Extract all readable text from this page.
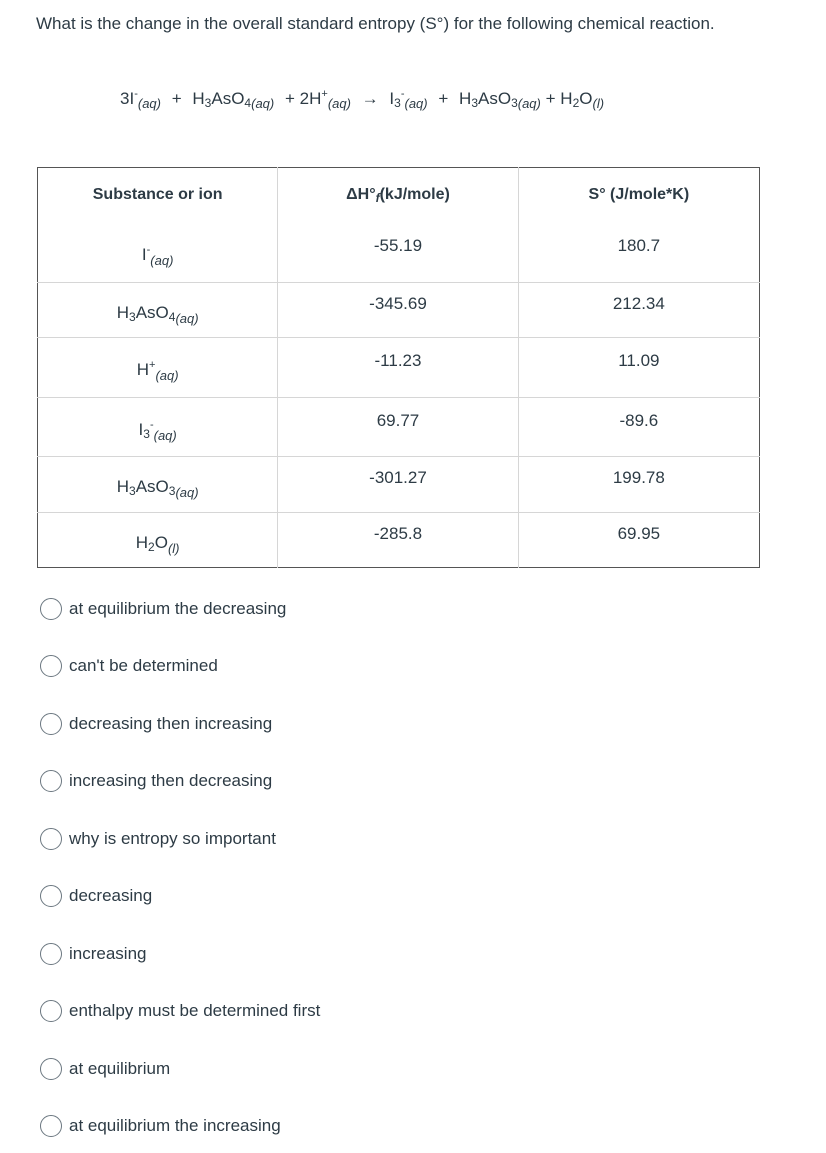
What is the change in the overall standard entropy (S°) for the following chemical reaction.
$3I^-_{(aq)} + H_3AsO_{4(aq)} + 2H^+_{(aq)} \to I_3^-_{(aq)} + H_3AsO_{3(aq)} + H_2O_{(l)}$
Substance or ion	$\Delta H^\circ_f(kJ/mole)$	S° (J/mole*K)
$I^-_{(aq)}$	-55.19	180.7
$H_3AsO_{4(aq)}$	-345.69	212.34
$H^+_{(aq)}$	-11.23	11.09
$I_3^-_{(aq)}$	69.77	-89.6
$H_3AsO_{3(aq)}$	-301.27	199.78
$H_2O_{(l)}$	-285.8	69.95
at equilibrium the decreasing
can't be determined
decreasing then increasing
increasing then decreasing
why is entropy so important
decreasing
increasing
enthalpy must be determined first
at equilibrium
at equilibrium the increasing
